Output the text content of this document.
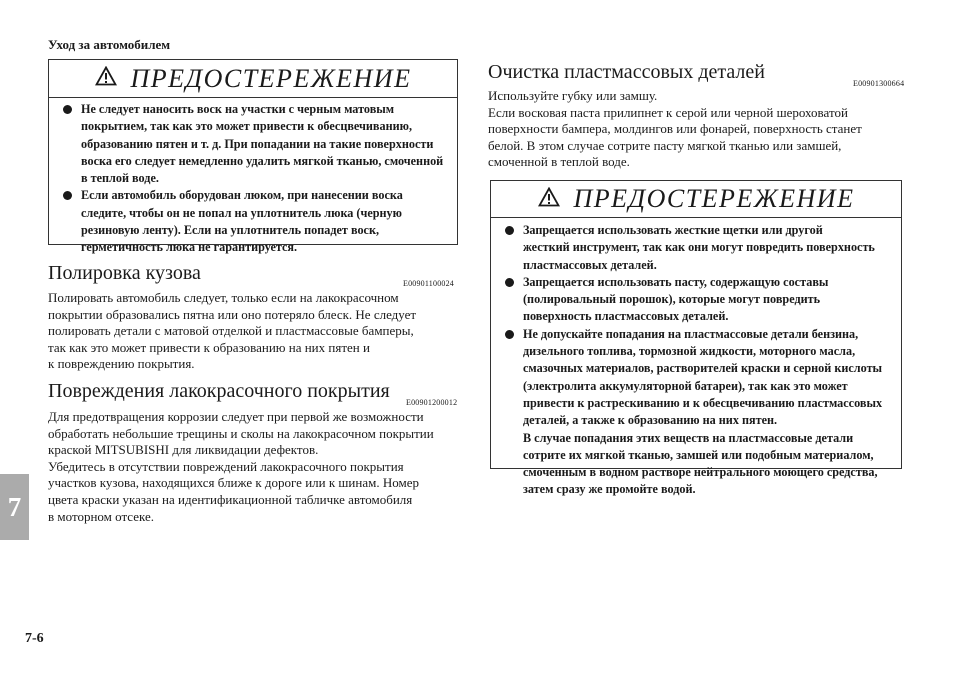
Уход за автомобилем
7
7-6
ПРЕДОСТЕРЕЖЕНИЕ
Не следует наносить воск на участки с черным матовым
покрытием, так как это может привести к обесцвечиванию,
образованию пятен и т. д. При попадании на такие поверхности
воска его следует немедленно удалить мягкой тканью, смоченной
в теплой воде.
Если автомобиль оборудован люком, при нанесении воска
следите, чтобы он не попал на уплотнитель люка (черную
резиновую ленту). Если на уплотнитель попадет воск,
герметичность люка не гарантируется.
Полировка кузова	E00901100024

Полировать автомобиль следует, только если на лакокрасочном
покрытии образовались пятна или оно потеряло блеск. Не следует
полировать детали с матовой отделкой и пластмассовые бамперы,
так как это может привести к образованию на них пятен и
к повреждению покрытия.

Повреждения лакокрасочного покрытия
E00901200012

Для предотвращения коррозии следует при первой же возможности
обработать небольшие трещины и сколы на лакокрасочном покрытии
краской MITSUBISHI для ликвидации дефектов.
Убедитесь в отсутствии повреждений лакокрасочного покрытия
участков кузова, находящихся ближе к дороге или к шинам. Номер
цвета краски указан на идентификационной табличке автомобиля
в моторном отсеке.

Очистка пластмассовых деталей
E00901300664

Используйте губку или замшу.
Если восковая паста прилипнет к серой или черной шероховатой
поверхности бампера, молдингов или фонарей, поверхность станет
белой. В этом случае сотрите пасту мягкой тканью или замшей,
смоченной в теплой воде.

ПРЕДОСТЕРЕЖЕНИЕ
Запрещается использовать жесткие щетки или другой
жесткий инструмент, так как они могут повредить поверхность
пластмассовых деталей.
Запрещается использовать пасту, содержащую составы
(полировальный порошок), которые могут повредить
поверхность пластмассовых деталей.
Не допускайте попадания на пластмассовые детали бензина,
дизельного топлива, тормозной жидкости, моторного масла,
смазочных материалов, растворителей краски и серной кислоты
(электролита аккумуляторной батареи), так как это может
привести к растрескиванию и к обесцвечиванию пластмассовых
деталей, а также к образованию на них пятен.
В случае попадания этих веществ на пластмассовые детали
сотрите их мягкой тканью, замшей или подобным материалом,
смоченным в водном растворе нейтрального моющего средства,
затем сразу же промойте водой.
